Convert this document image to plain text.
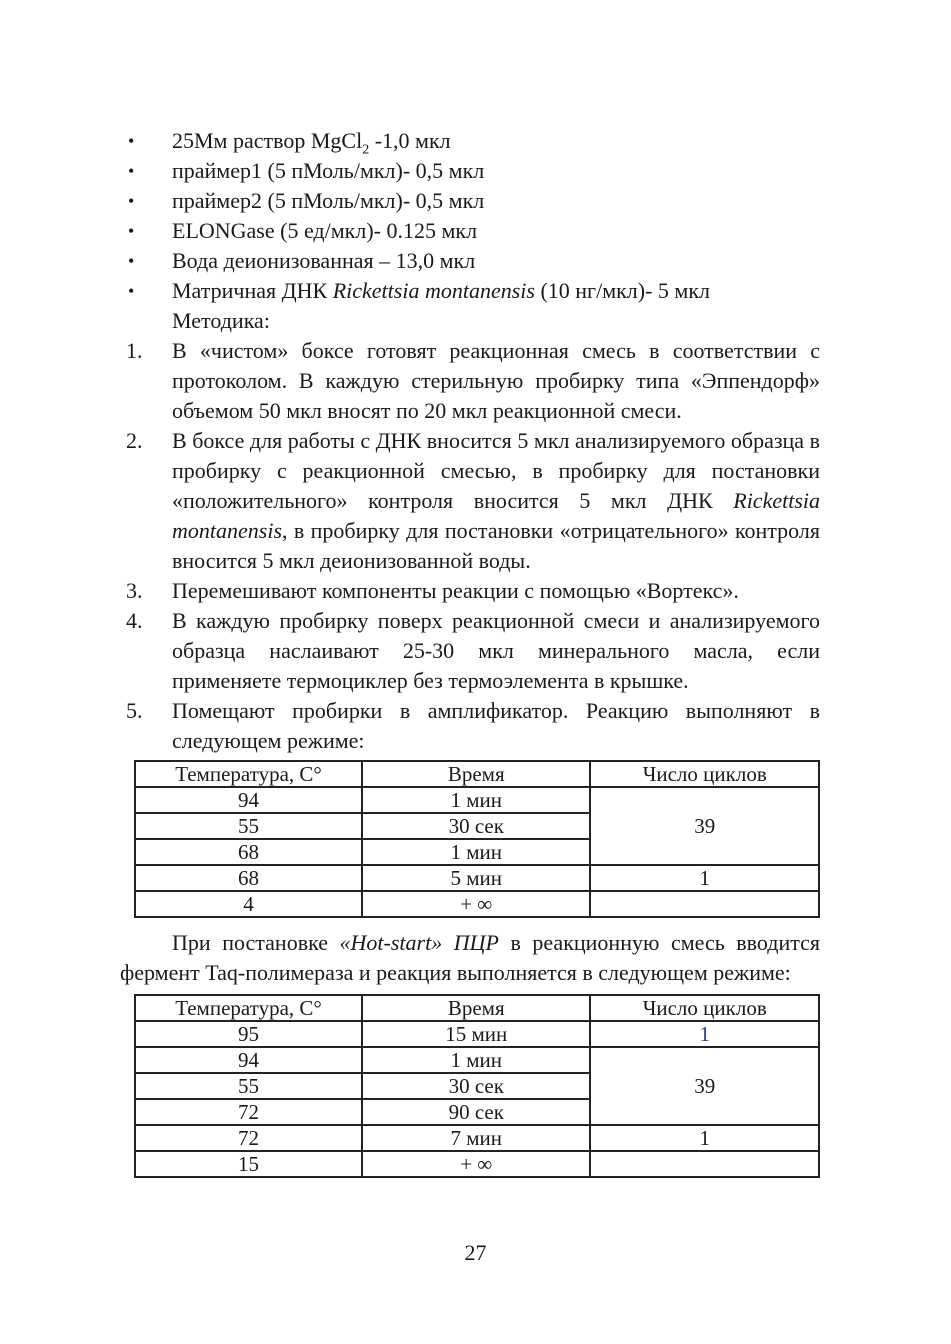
•	25Мм раствор MgCl$_2$ -1,0 мкл
•	праймер1 (5 пМоль/мкл)- 0,5 мкл
•	праймер2 (5 пМоль/мкл)- 0,5 мкл
•	ELONGase (5 ед/мкл)- 0.125 мкл
•	Вода деионизованная – 13,0 мкл
•	Матричная ДНК Rickettsia montanensis (10 нг/мкл)- 5 мкл
Методика:
1.	В «чистом» боксе готовят реакционная смесь в соответствии с протоколом. В каждую стерильную пробирку типа «Эппендорф» объемом 50 мкл вносят по 20 мкл реакционной смеси.
2.	В боксе для работы с ДНК вносится 5 мкл анализируемого образца в пробирку с реакционной смесью, в пробирку для постановки «положительного» контроля вносится 5 мкл ДНК Rickettsia montanensis, в пробирку для постановки «отрицательного» контроля вносится 5 мкл деионизованной воды.
3.	Перемешивают компоненты реакции с помощью «Вортекс».
4.	В каждую пробирку поверх реакционной смеси и анализируемого образца наслаивают 25-30 мкл минерального масла, если применяете термоциклер без термоэлемента в крышке.
5.	Помещают пробирки в амплификатор. Реакцию выполняют в следующем режиме:
Температура, С°	Время	Число циклов
94	1 мин	39
55	30 сек	
68	1 мин	
68	5 мин	1
4	+ ∞	
При постановке «Hot-start» ПЦР в реакционную смесь вводится фермент Taq-полимераза и реакция выполняется в следующем режиме:
Температура, С°	Время	Число циклов
95	15 мин	1
94	1 мин	39
55	30 сек	
72	90 сек	
72	7 мин	1
15	+ ∞	
27
